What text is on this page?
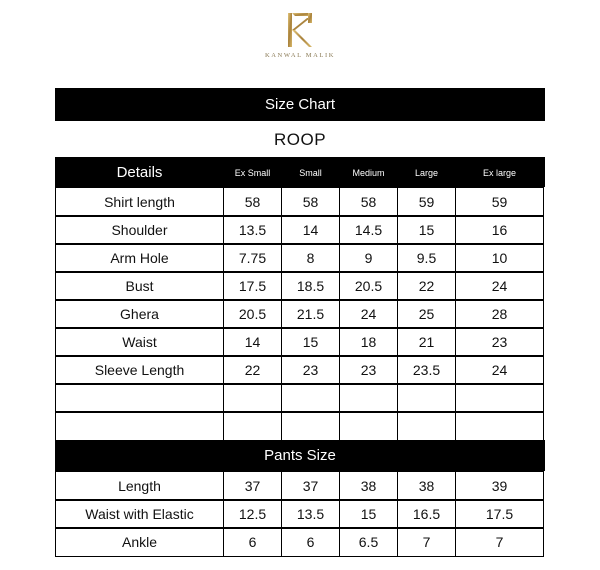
KANWAL MALIK
Size Chart
ROOP
Details	Ex Small	Small	Medium	Large	Ex large
Shirt length	58	58	58	59	59
Shoulder	13.5	14	14.5	15	16
Arm Hole	7.75	8	9	9.5	10
Bust	17.5	18.5	20.5	22	24
Ghera	20.5	21.5	24	25	28
Waist	14	15	18	21	23
Sleeve Length	22	23	23	23.5	24
Pants Size
Length	37	37	38	38	39
Waist with Elastic	12.5	13.5	15	16.5	17.5
Ankle	6	6	6.5	7	7
